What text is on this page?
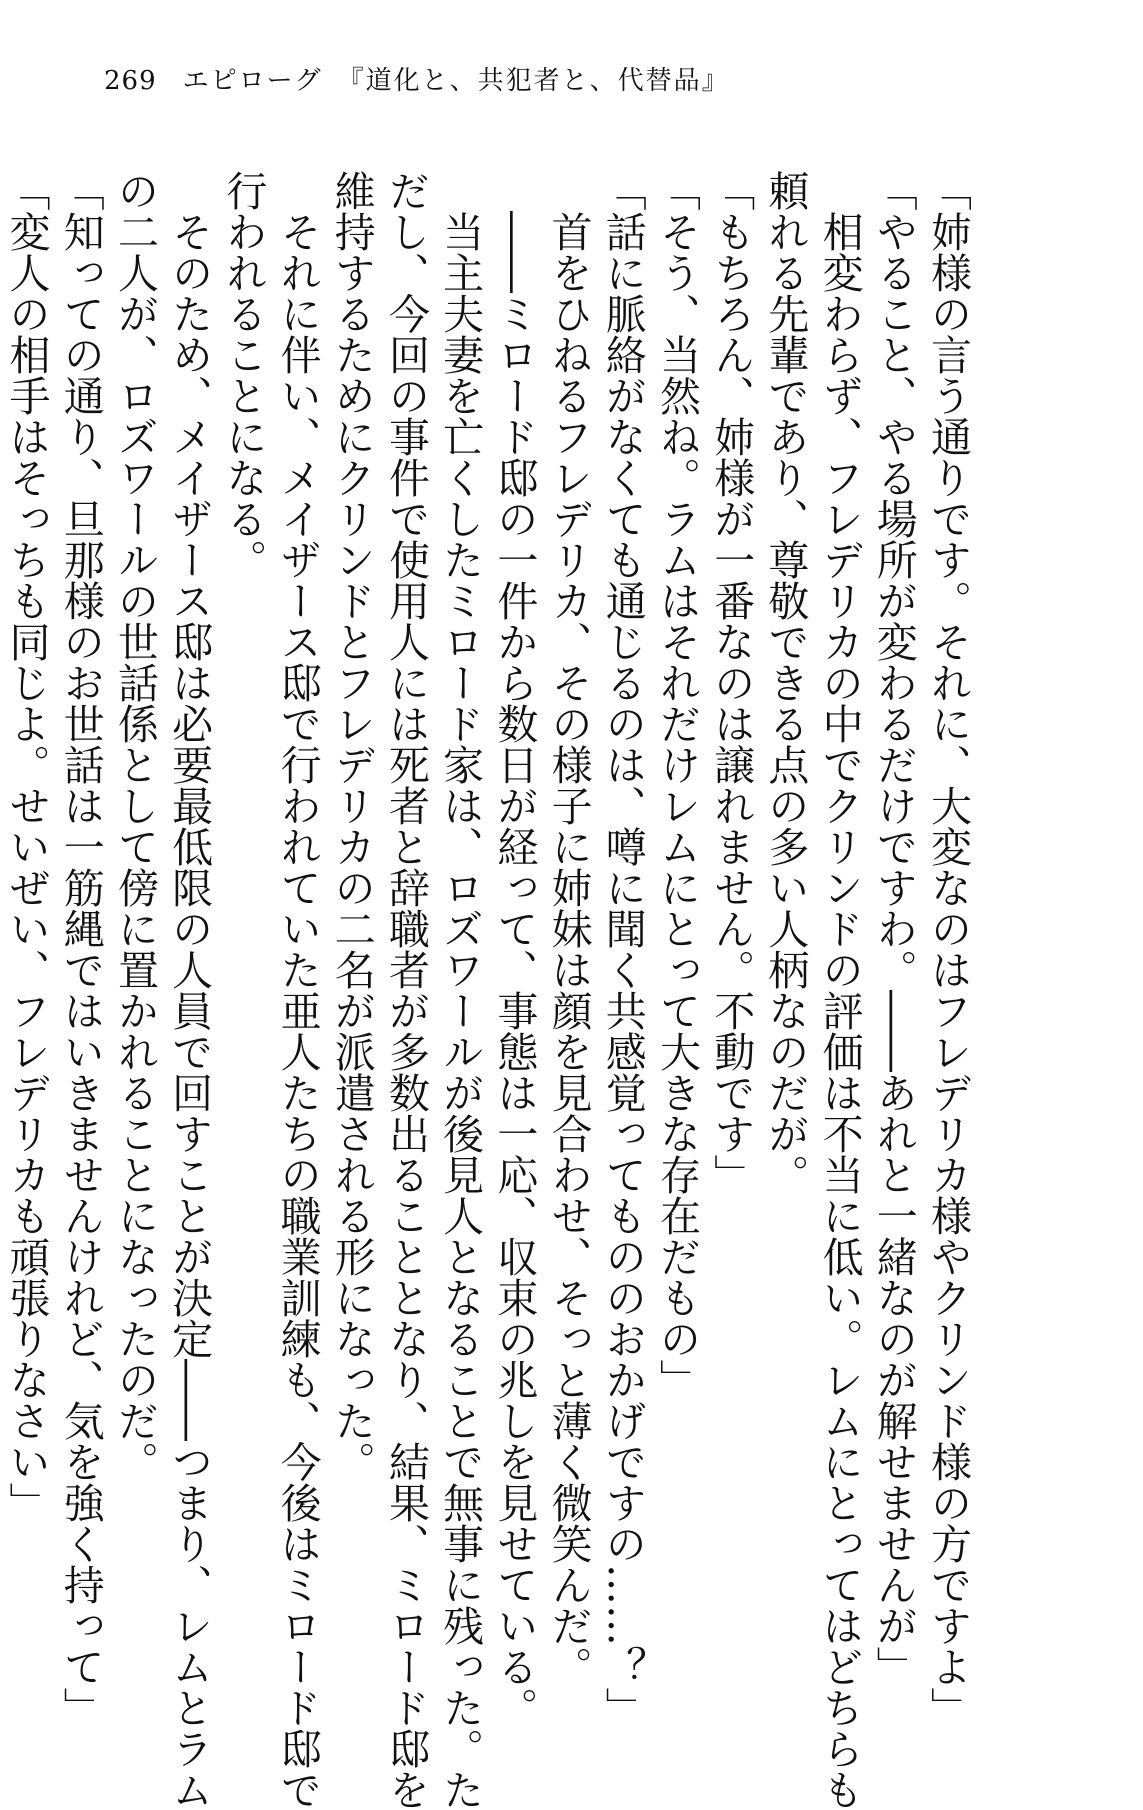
269 エピローグ　『道化と、共犯者と、代替品』

「姉様の言う通りです。それに、大変なのはフレデリカ様やクリンド様の方ですよ」

「やること、やる場所が変わるだけですわ。――あれと一緒なのが解せませんが」

　相変わらず、フレデリカの中でクリンドの評価は不当に低い。レムにとってはどちらも

頼れる先輩であり、尊敬できる点の多い人柄なのだが。

「もちろん、姉様が一番なのは譲れません。不動です」

「そう、当然ね。ラムはそれだけレムにとって大きな存在だもの」

「話に脈絡がなくても通じるのは、噂に聞く共感覚ってもののおかげですの……？」

　首をひねるフレデリカ、その様子に姉妹は顔を見合わせ、そっと薄く微笑んだ。

　――ミロード邸の一件から数日が経って、事態は一応、収束の兆しを見せている。

　当主夫妻を亡くしたミロード家は、ロズワールが後見人となることで無事に残った。た

だし、今回の事件で使用人には死者と辞職者が多数出ることとなり、結果、ミロード邸を

維持するためにクリンドとフレデリカの二名が派遣される形になった。

　それに伴い、メイザース邸で行われていた亜人たちの職業訓練も、今後はミロード邸で

行われることになる。

　そのため、メイザース邸は必要最低限の人員で回すことが決定――つまり、レムとラム

の二人が、ロズワールの世話係として傍に置かれることになったのだ。

「知っての通り、旦那様のお世話は一筋縄ではいきませんけれど、気を強く持って」

「変人の相手はそっちも同じよ。せいぜい、フレデリカも頑張りなさい」
